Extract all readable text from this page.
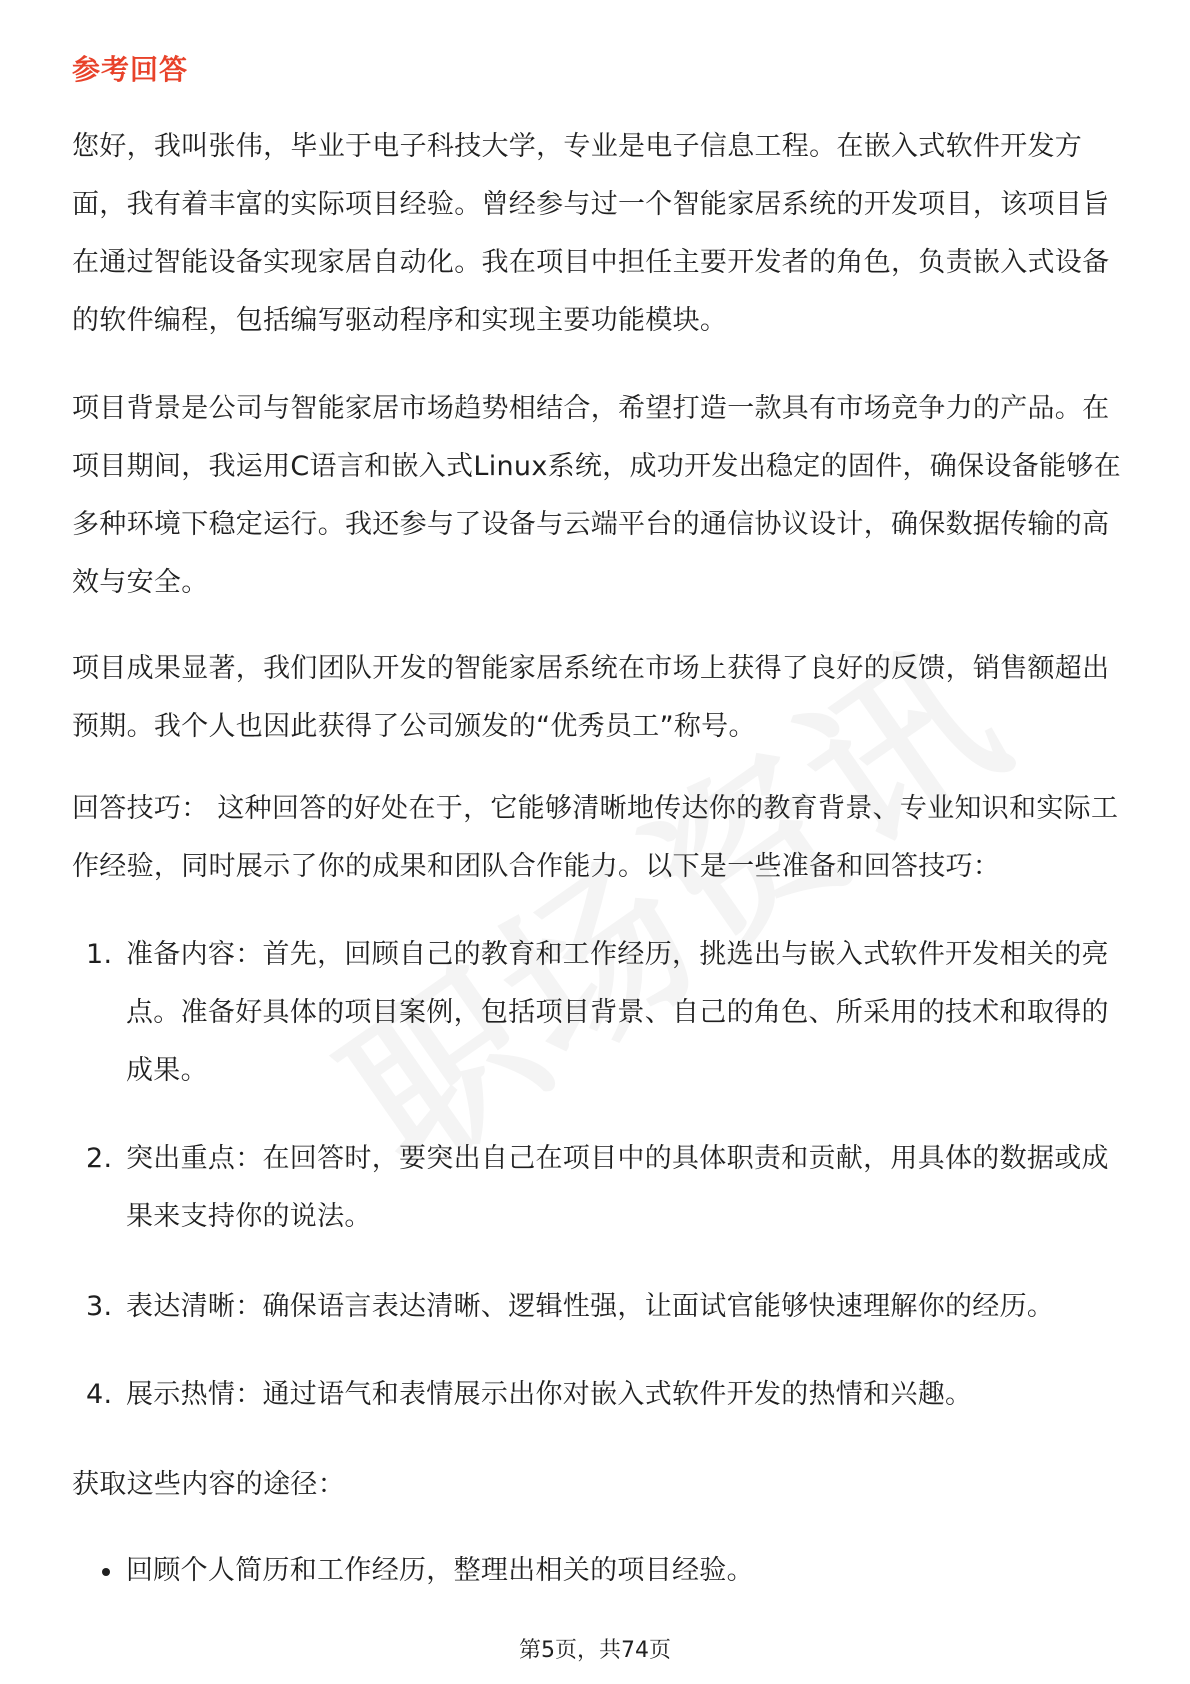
参考回答

您好，我叫张伟，毕业于电子科技大学，专业是电子信息工程。在嵌入式软件开发方面，我有着丰富的实际项目经验。曾经参与过一个智能家居系统的开发项目，该项目旨在通过智能设备实现家居自动化。我在项目中担任主要开发者的角色，负责嵌入式设备的软件编程，包括编写驱动程序和实现主要功能模块。

项目背景是公司与智能家居市场趋势相结合，希望打造一款具有市场竞争力的产品。在项目期间，我运用C语言和嵌入式Linux系统，成功开发出稳定的固件，确保设备能够在多种环境下稳定运行。我还参与了设备与云端平台的通信协议设计，确保数据传输的高效与安全。

项目成果显著，我们团队开发的智能家居系统在市场上获得了良好的反馈，销售额超出预期。我个人也因此获得了公司颁发的“优秀员工”称号。

回答技巧： 这种回答的好处在于，它能够清晰地传达你的教育背景、专业知识和实际工作经验，同时展示了你的成果和团队合作能力。以下是一些准备和回答技巧：

1. 准备内容：首先，回顾自己的教育和工作经历，挑选出与嵌入式软件开发相关的亮点。准备好具体的项目案例，包括项目背景、自己的角色、所采用的技术和取得的成果。
2. 突出重点：在回答时，要突出自己在项目中的具体职责和贡献，用具体的数据或成果来支持你的说法。
3. 表达清晰：确保语言表达清晰、逻辑性强，让面试官能够快速理解你的经历。
4. 展示热情：通过语气和表情展示出你对嵌入式软件开发的热情和兴趣。

获取这些内容的途径：

回顾个人简历和工作经历，整理出相关的项目经验。
第5页，共74页
